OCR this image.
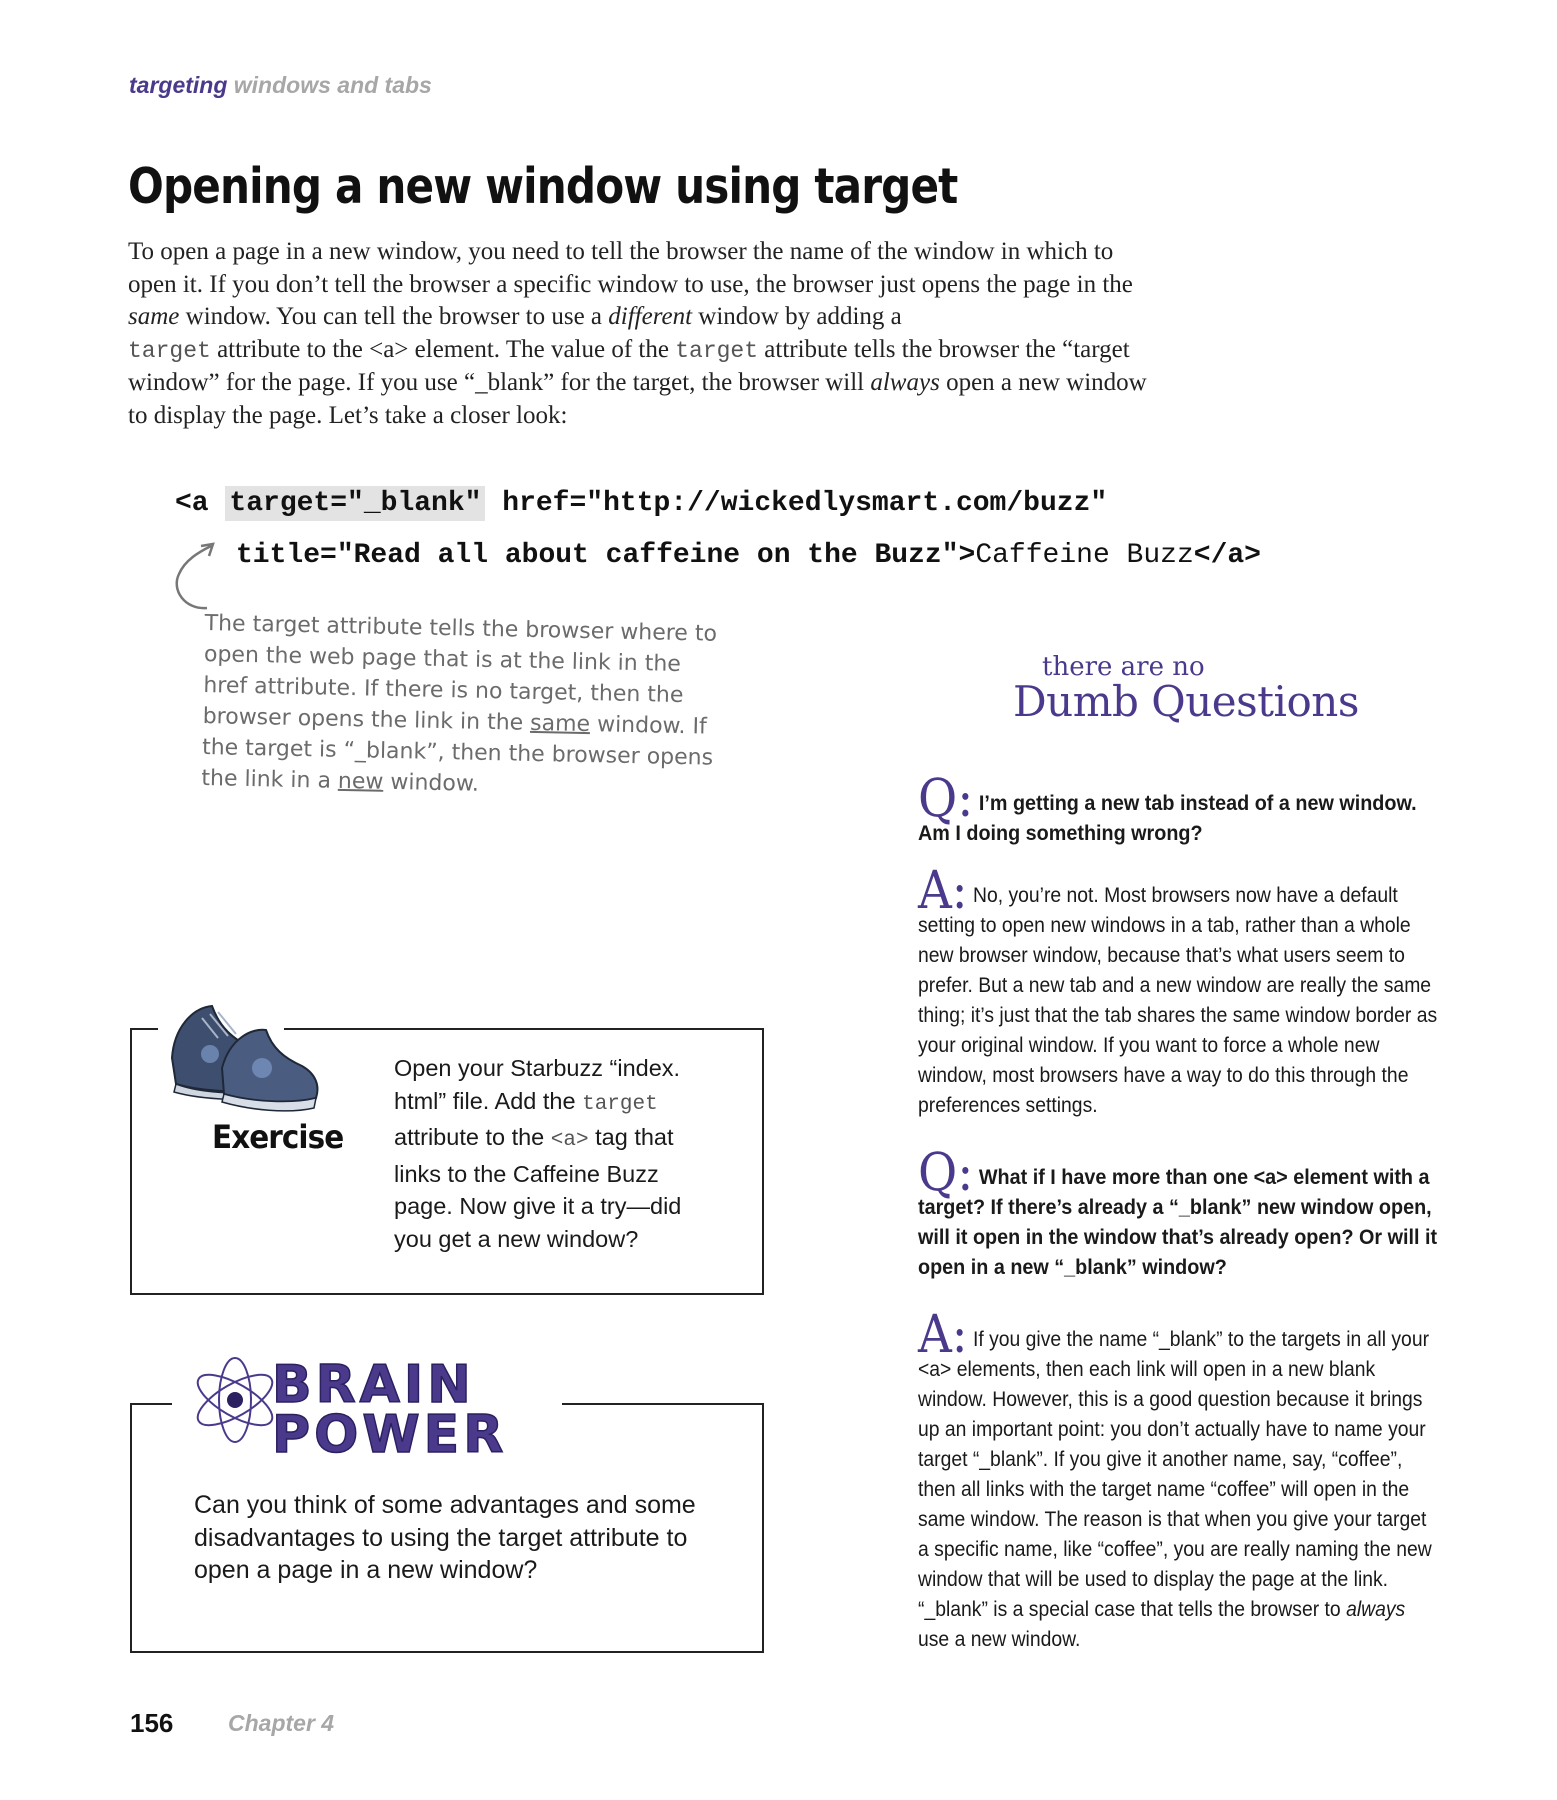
targeting windows and tabs
Opening a new window using target

To open a page in a new window, you need to tell the browser the name of the window in which to open it. If you don’t tell the browser a specific window to use, the browser just opens the page in the same window. You can tell the browser to use a different window by adding a
target attribute to the <a> element. The value of the target attribute tells the browser the “target window” for the page. If you use “_blank” for the target, the browser will always open a new window to display the page. Let’s take a closer look:

<a target="_blank" href="http://wickedlysmart.com/buzz"
title="Read all about caffeine on the Buzz">Caffeine Buzz</a>

The target attribute tells the browser where to open the web page that is at the link in the href attribute. If there is no target, then the browser opens the link in the same window. If the target is “_blank”, then the browser opens the link in a new window.

Exercise

Open your Starbuzz “index. html” file. Add the target attribute to the <a> tag that links to the Caffeine Buzz page. Now give it a try—did you get a new window?

BRAIN
POWER

Can you think of some advantages and some disadvantages to using the target attribute to open a page in a new window?

there are no
Dumb Questions

Q: I’m getting a new tab instead of a new window. Am I doing something wrong?

A: No, you’re not. Most browsers now have a default setting to open new windows in a tab, rather than a whole new browser window, because that’s what users seem to prefer. But a new tab and a new window are really the same thing; it’s just that the tab shares the same window border as your original window. If you want to force a whole new window, most browsers have a way to do this through the preferences settings.

Q: What if I have more than one <a> element with a target? If there’s already a “_blank” new window open, will it open in the window that’s already open? Or will it open in a new “_blank” window?

A: If you give the name “_blank” to the targets in all your <a> elements, then each link will open in a new blank window. However, this is a good question because it brings up an important point: you don’t actually have to name your target “_blank”. If you give it another name, say, “coffee”, then all links with the target name “coffee” will open in the same window. The reason is that when you give your target a specific name, like “coffee”, you are really naming the new window that will be used to display the page at the link. “_blank” is a special case that tells the browser to always use a new window.

156 Chapter 4
